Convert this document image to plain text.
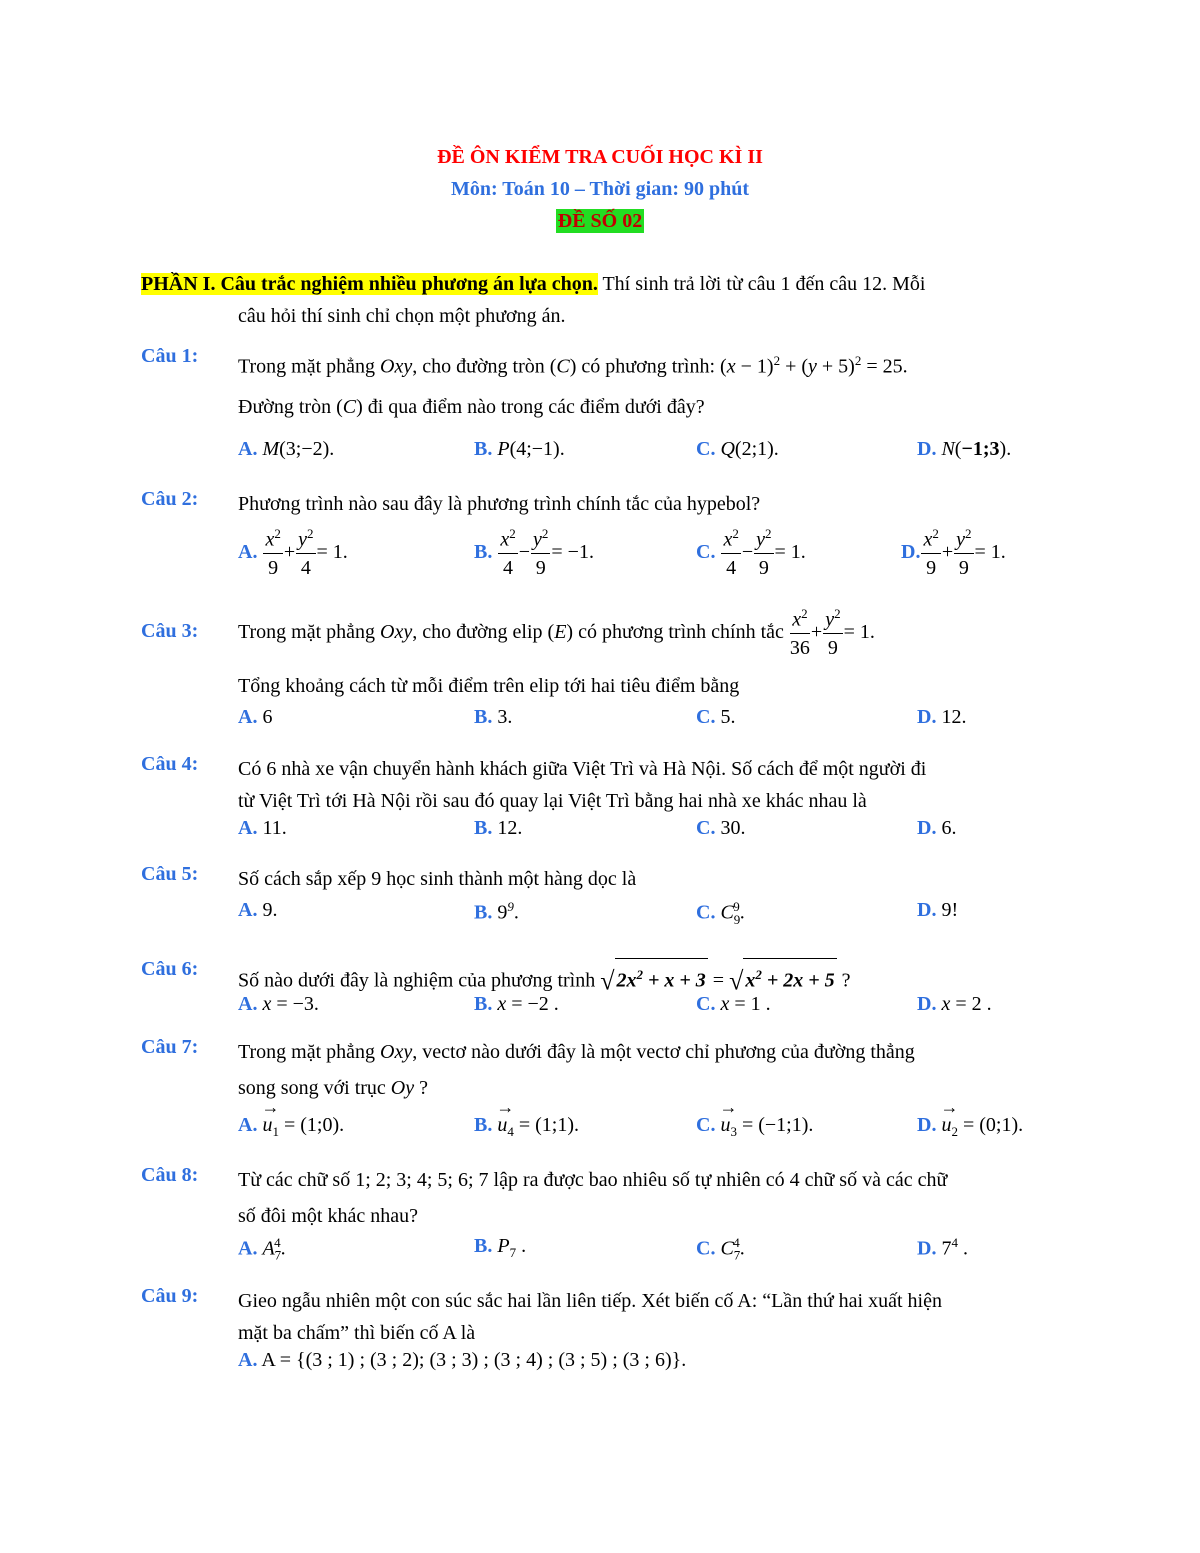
ĐỀ ÔN KIỂM TRA CUỐI HỌC KÌ II
Môn: Toán 10 – Thời gian: 90 phút
ĐỀ SỐ 02
PHẦN I. Câu trắc nghiệm nhiều phương án lựa chọn. Thí sinh trả lời từ câu 1 đến câu 12. Mỗi
câu hỏi thí sinh chỉ chọn một phương án.
Câu 1: Trong mặt phẳng Oxy, cho đường tròn (C) có phương trình: $(x - 1)^2 + (y + 5)^2 = 25$.
Đường tròn (C) đi qua điểm nào trong các điểm dưới đây?
A. M(3;−2).	B. P(4;−1).	C. Q(2;1).	D. N(−1;3).
Câu 2: Phương trình nào sau đây là phương trình chính tắc của hypebol?
A. $\frac{x^2}{9} + \frac{y^2}{4} = 1$.	B. $\frac{x^2}{4} - \frac{y^2}{9} = -1$.	C. $\frac{x^2}{4} - \frac{y^2}{9} = 1$.	D. $\frac{x^2}{9} + \frac{y^2}{9} = 1$.
Câu 3: Trong mặt phẳng Oxy, cho đường elip (E) có phương trình chính tắc $\frac{x^2}{36} + \frac{y^2}{9} = 1$.
Tổng khoảng cách từ mỗi điểm trên elip tới hai tiêu điểm bằng
A. 6	B. 3.	C. 5.	D. 12.
Câu 4: Có 6 nhà xe vận chuyển hành khách giữa Việt Trì và Hà Nội. Số cách để một người đi
từ Việt Trì tới Hà Nội rồi sau đó quay lại Việt Trì bằng hai nhà xe khác nhau là
A. 11.	B. 12.	C. 30.	D. 6.
Câu 5: Số cách sắp xếp 9 học sinh thành một hàng dọc là
A. 9.	B. $9^9$.	C. $C_9^9$.	D. 9!
Câu 6:
Số nào dưới đây là nghiệm của phương trình √ $2x^2 + x + 3$ = √ $x^2 + 2x + 5$ ?
A. x = −3.	B. x = −2 .	C. x = 1 .	D. x = 2 .
Câu 7: Trong mặt phẳng Oxy, vectơ nào dưới đây là một vectơ chỉ phương của đường thẳng
song song với trục Oy ?
A. → $u_1$ = (1;0).	B. → $u_4$ = (1;1).	C. → $u_3$ = (−1;1).	D. → $u_2$ = (0;1).
Câu 8: Từ các chữ số 1; 2; 3; 4; 5; 6; 7 lập ra được bao nhiêu số tự nhiên có 4 chữ số và các chữ
số đôi một khác nhau?
A. $A_7^4$.	B. $P_7$ .	C. $C_7^4$.	D. $7^4$ .
Câu 9: Gieo ngẫu nhiên một con súc sắc hai lần liên tiếp. Xét biến cố A: “Lần thứ hai xuất hiện
mặt ba chấm” thì biến cố A là
A. A = {(3 ; 1) ; (3 ; 2); (3 ; 3) ; (3 ; 4) ; (3 ; 5) ; (3 ; 6)}.
